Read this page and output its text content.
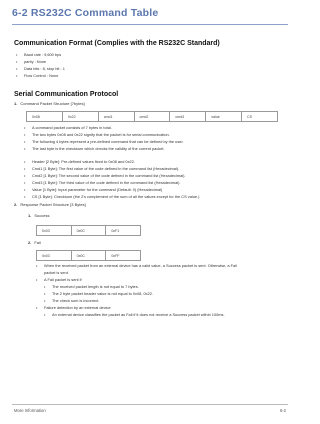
6-2 RS232C Command Table
Communication Format (Complies with the RS232C Standard)
• Baud rate : 9,600 bps
• parity : None
• Data bits : 8, stop bit : 1
• Flow Control : None
Serial Communication Protocol
1. Command Packet Structure [7bytes]
0x08	0x22	cmd1	cmd2	cmd3	value	CS
• A command packet consists of 7 bytes in total.
• The two bytes 0x08 and 0x22 signify that the packet is for serial communication.
• The following 4 bytes represent a pre-defined command that can be defined by the user.
• The last byte is the checksum which checks the validity of the current packet.
• Header [2 Byte]: Pre-defined values fixed to 0x08 and 0x22.
• Cmd1 [1 Byte]: The first value of the code defined in the command list (Hexadecimal).
• Cmd2 [1 Byte]: The second value of the code defined in the command list (Hexadecimal).
• Cmd3 [1 Byte]: The third value of the code defined in the command list (Hexadecimal).
• Value [1 Byte]: Input parameter for the command (Default: 0) (Hexadecimal)
• CS [1 Byte]: Checksum (the 2's complement of the sum of all the values except for the CS value.)
2. Response Packet Structure [3 Bytes]
1. Success
0x03	0x0C	0xF1
2. Fail
0x03	0x0C	0xFF
• When the received packet from an external device has a valid value, a Success packet is sent. Otherwise, a Fail
packet is sent.
• A Fail packet is sent if
• The received packet length is not equal to 7 bytes.
• The 2 byte packet header value is not equal to 0x08, 0x22.
• The check sum is incorrect.
• Failure detection by an external device
• An external device classifies the packet as Fail if it does not receive a Success packet within 100ms.
More Information	6-2
